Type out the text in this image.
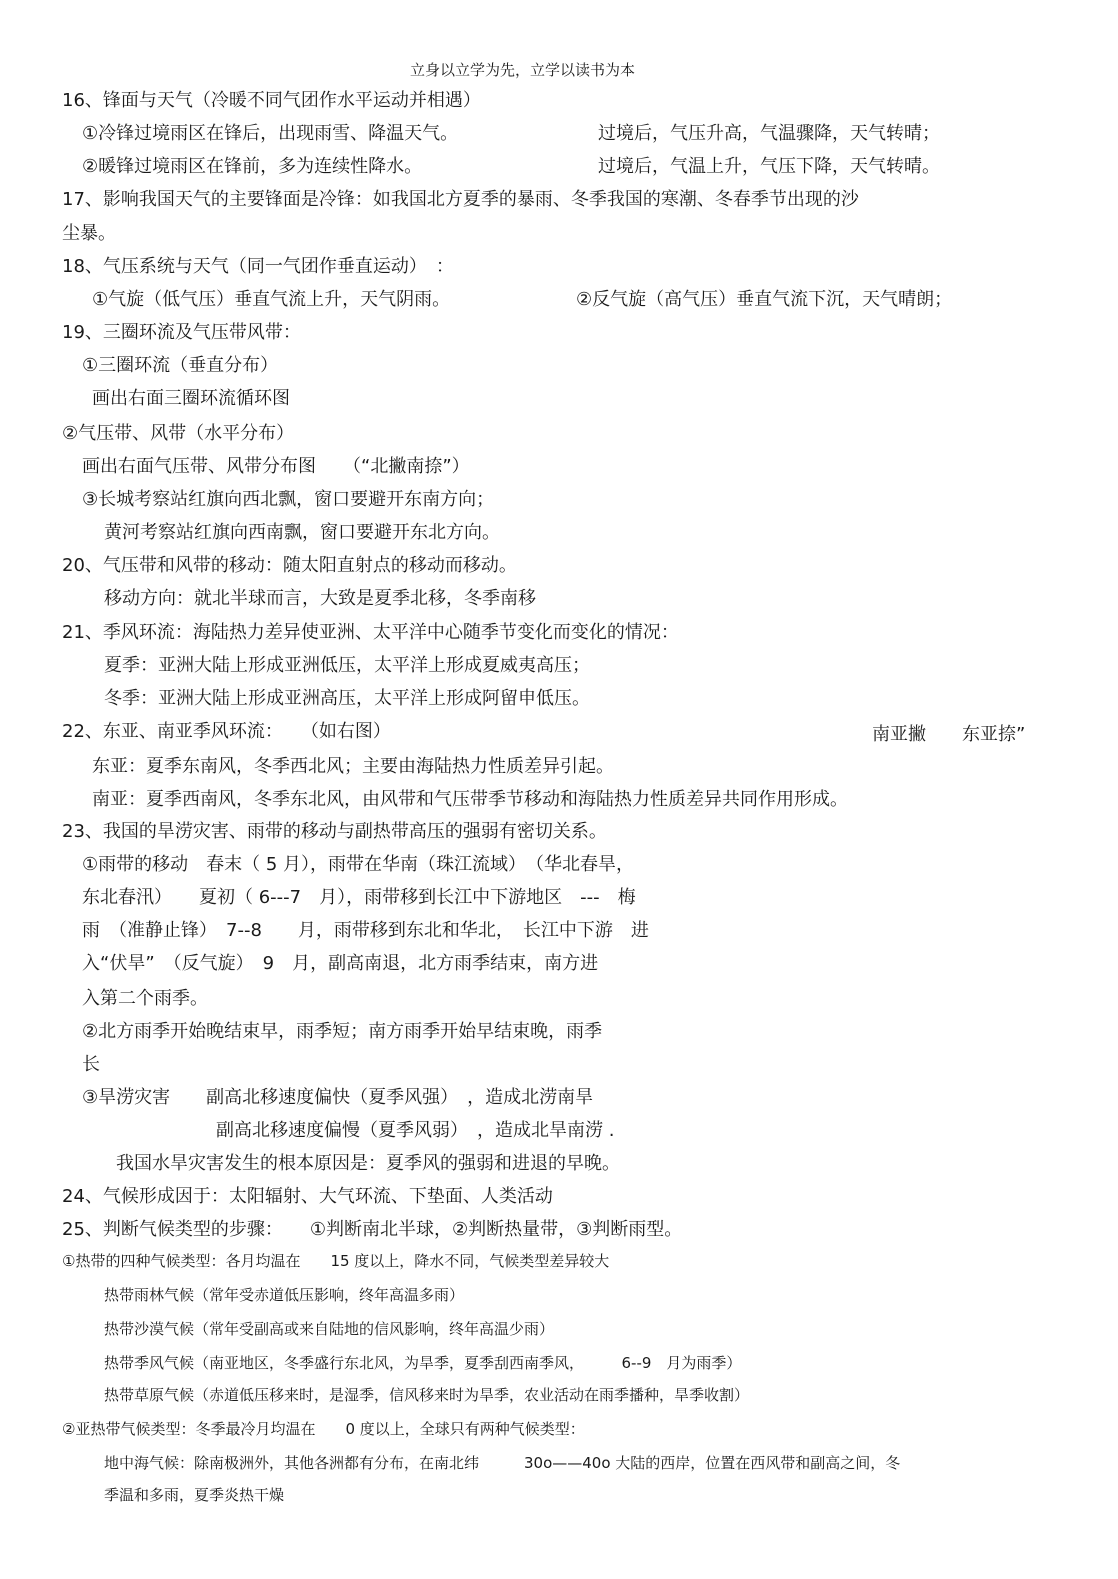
立身以立学为先，立学以读书为本
16、锋面与天气（冷暖不同气团作水平运动并相遇）
①冷锋过境雨区在锋后，出现雨雪、降温天气。	过境后，气压升高，气温骤降，天气转晴；
②暖锋过境雨区在锋前，多为连续性降水。	过境后，气温上升，气压下降，天气转晴。
17、影响我国天气的主要锋面是冷锋：如我国北方夏季的暴雨、冬季我国的寒潮、冬春季节出现的沙
尘暴。
18、气压系统与天气（同一气团作垂直运动）　：
①气旋（低气压）垂直气流上升，天气阴雨。	②反气旋（高气压）垂直气流下沉，天气晴朗；
19、三圈环流及气压带风带：
①三圈环流（垂直分布）
画出右面三圈环流循环图
②气压带、风带（水平分布）
画出右面气压带、风带分布图　　（“北撇南捺”）
③长城考察站红旗向西北飘，窗口要避开东南方向；
黄河考察站红旗向西南飘，窗口要避开东北方向。
20、气压带和风带的移动：随太阳直射点的移动而移动。
移动方向：就北半球而言，大致是夏季北移，冬季南移
21、季风环流：海陆热力差异使亚洲、太平洋中心随季节变化而变化的情况：
夏季：亚洲大陆上形成亚洲低压，太平洋上形成夏威夷高压；
冬季：亚洲大陆上形成亚洲高压，太平洋上形成阿留申低压。
22、东亚、南亚季风环流：　　（如右图）	南亚撇　　东亚捺”
东亚：夏季东南风，冬季西北风；主要由海陆热力性质差异引起。
南亚：夏季西南风，冬季东北风，由风带和气压带季节移动和海陆热力性质差异共同作用形成。
23、我国的旱涝灾害、雨带的移动与副热带高压的强弱有密切关系。
①雨带的移动　春末（ 5 月），雨带在华南（珠江流域）　（华北春旱，
东北春汛）　　夏初（ 6---7　月），雨带移到长江中下游地区　---　梅
雨　（准静止锋）　7--8　　月，雨带移到东北和华北，　长江中下游　进
入“伏旱”　（反气旋）　9　月，副高南退，北方雨季结束，南方进
入第二个雨季。
②北方雨季开始晚结束早，雨季短；南方雨季开始早结束晚，雨季
长
③旱涝灾害　　副高北移速度偏快（夏季风强）　，造成北涝南旱
副高北移速度偏慢（夏季风弱）　，造成北旱南涝 .
我国水旱灾害发生的根本原因是：夏季风的强弱和进退的早晚。
24、气候形成因于：太阳辐射、大气环流、下垫面、人类活动
25、判断气候类型的步骤：　　①判断南北半球，②判断热量带，③判断雨型。
①热带的四种气候类型：各月均温在　　15 度以上，降水不同，气候类型差异较大
热带雨林气候（常年受赤道低压影响，终年高温多雨）
热带沙漠气候（常年受副高或来自陆地的信风影响，终年高温少雨）
热带季风气候（南亚地区，冬季盛行东北风，为旱季，夏季刮西南季风，　　　6--9　月为雨季）
热带草原气候（赤道低压移来时，是湿季，信风移来时为旱季，农业活动在雨季播种，旱季收割）
②亚热带气候类型：冬季最冷月均温在　　0 度以上，全球只有两种气候类型：
地中海气候：除南极洲外，其他各洲都有分布，在南北纬　　　30o——40o 大陆的西岸，位置在西风带和副高之间，冬
季温和多雨，夏季炎热干燥
